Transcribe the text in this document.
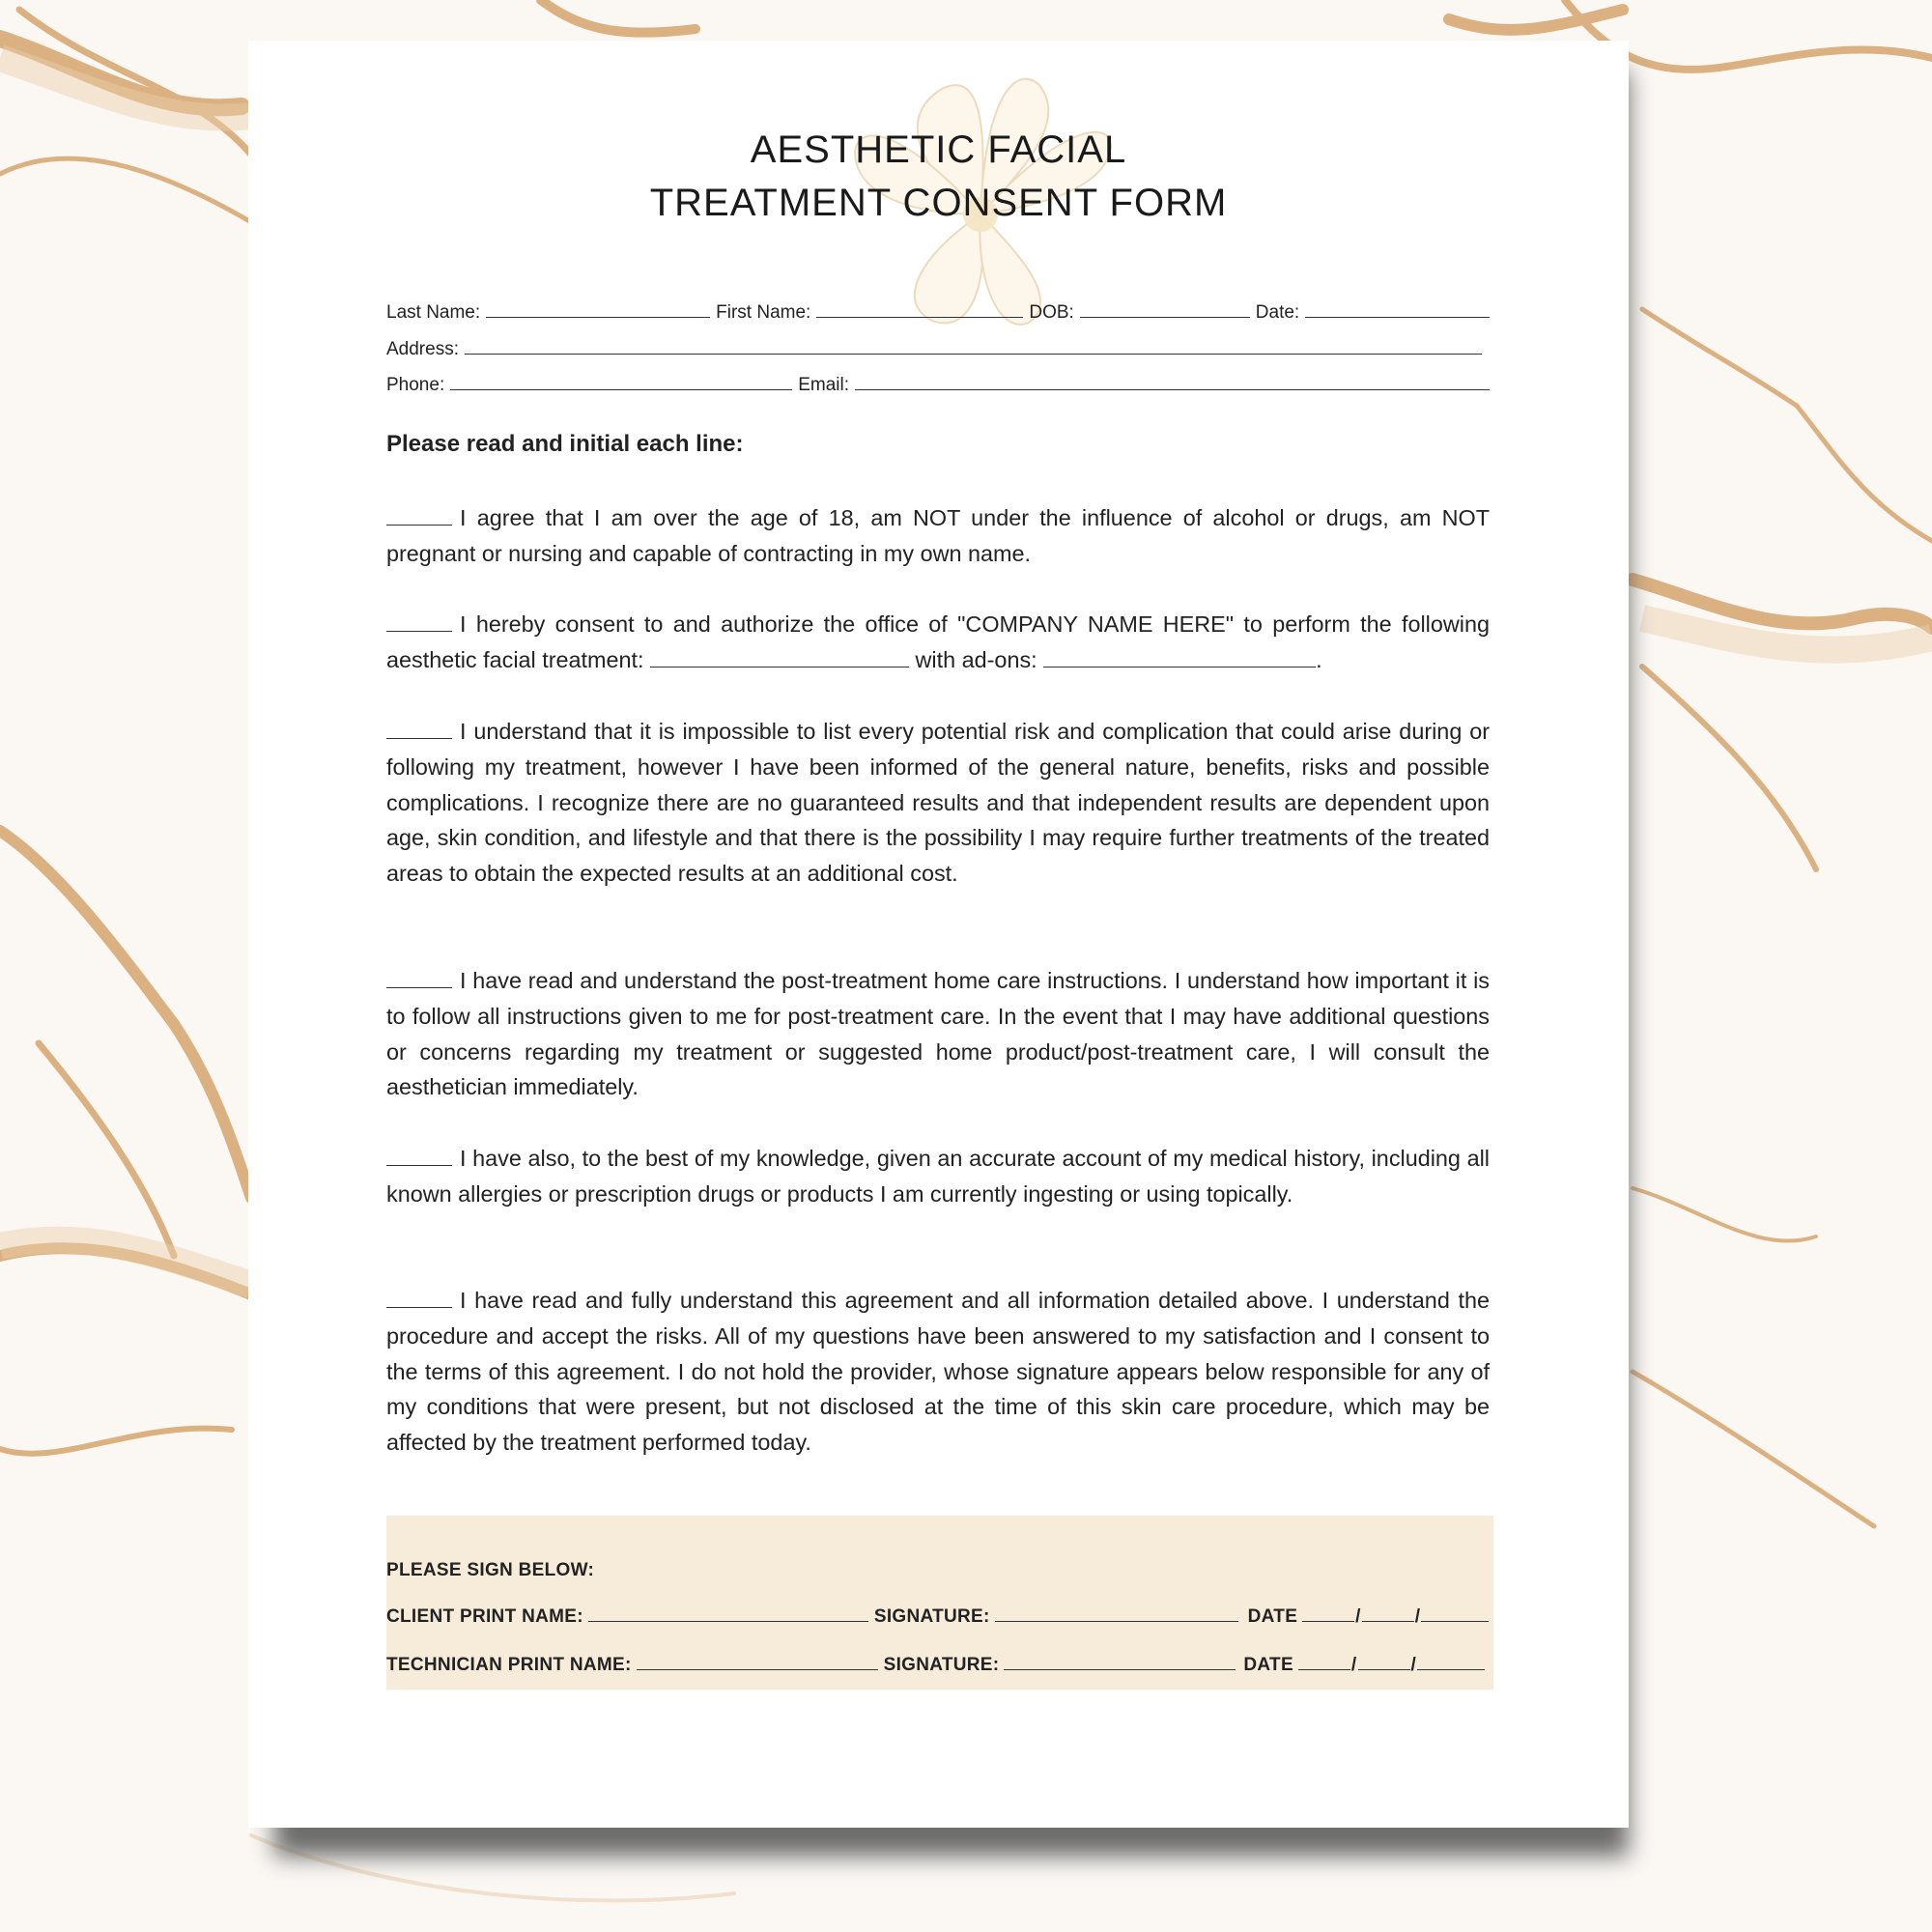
AESTHETIC FACIAL
TREATMENT CONSENT FORM
Last Name:	First Name:	DOB:	Date:
Address:
Phone:	Email:
Please read and initial each line:

I agree that I am over the age of 18, am NOT under the influence of alcohol or drugs, am NOT pregnant or nursing and capable of contracting in my own name.

I hereby consent to and authorize the office of "COMPANY NAME HERE" to perform the following aesthetic facial treatment:	with ad-ons:	.

I understand that it is impossible to list every potential risk and complication that could arise during or following my treatment, however I have been informed of the general nature, benefits, risks and possible complications. I recognize there are no guaranteed results and that independent results are dependent upon age, skin condition, and lifestyle and that there is the possibility I may require further treatments of the treated areas to obtain the expected results at an additional cost.

I have read and understand the post-treatment home care instructions. I understand how important it is to follow all instructions given to me for post-treatment care. In the event that I may have additional questions or concerns regarding my treatment or suggested home product/post-treatment care, I will consult the aesthetician immediately.

I have also, to the best of my knowledge, given an accurate account of my medical history, including all known allergies or prescription drugs or products I am currently ingesting or using topically.

I have read and fully understand this agreement and all information detailed above. I understand the procedure and accept the risks. All of my questions have been answered to my satisfaction and I consent to the terms of this agreement. I do not hold the provider, whose signature appears below responsible for any of my conditions that were present, but not disclosed at the time of this skin care procedure, which may be affected by the treatment performed today.

PLEASE SIGN BELOW:
CLIENT PRINT NAME:	SIGNATURE:	DATE	/	/
TECHNICIAN PRINT NAME:	SIGNATURE:	DATE	/	/
